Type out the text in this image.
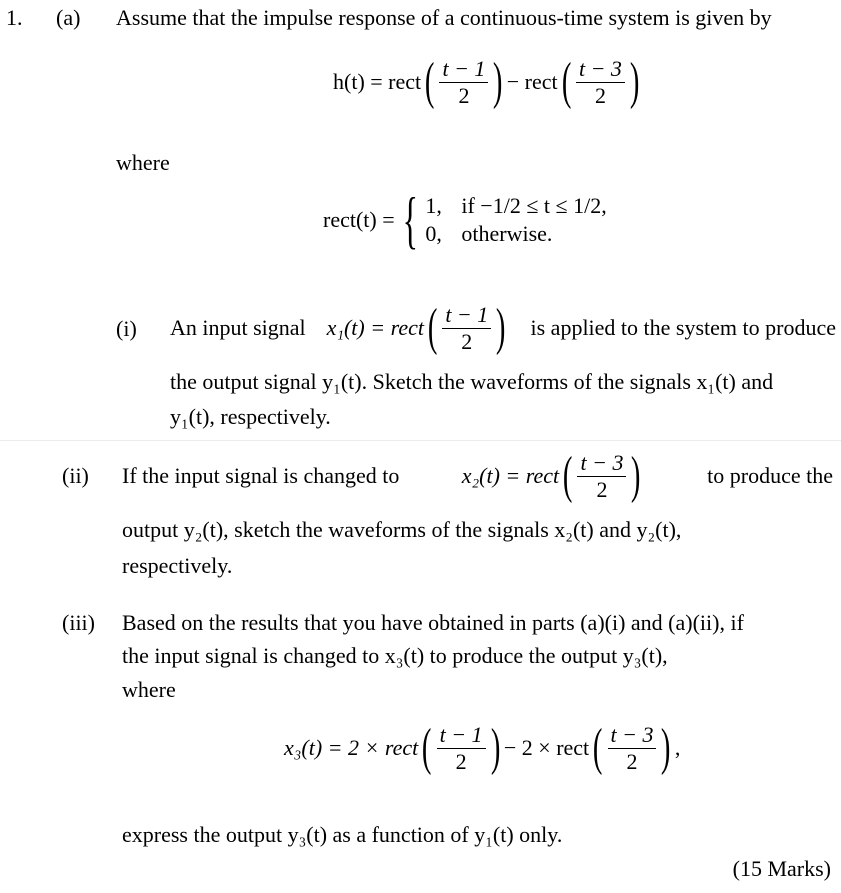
1. (a) Assume that the impulse response of a continuous-time system is given by
h(t) = rect ( $\frac{t - 1}{2}$ ) − rect ( $\frac{t - 3}{2}$ )
where
rect(t) = { 1, if −1/2 ≤ t ≤ 1/2,
0, otherwise.
(i) An input signal x₁(t) = rect ( $\frac{t - 1}{2}$ ) is applied to the system to produce
the output signal y₁(t). Sketch the waveforms of the signals x₁(t) and
y₁(t), respectively.
(ii) If the input signal is changed to	x₂(t) = rect ( $\frac{t - 3}{2}$ )	to produce the
output y₂(t), sketch the waveforms of the signals x₂(t) and y₂(t),
respectively.
(iii) Based on the results that you have obtained in parts (a)(i) and (a)(ii), if
the input signal is changed to x₃(t) to produce the output y₃(t),
where
x₃(t) = 2 × rect ( $\frac{t - 1}{2}$ ) − 2 × rect ( $\frac{t - 3}{2}$ ) ,
express the output y₃(t) as a function of y₁(t) only.
(15 Marks)
